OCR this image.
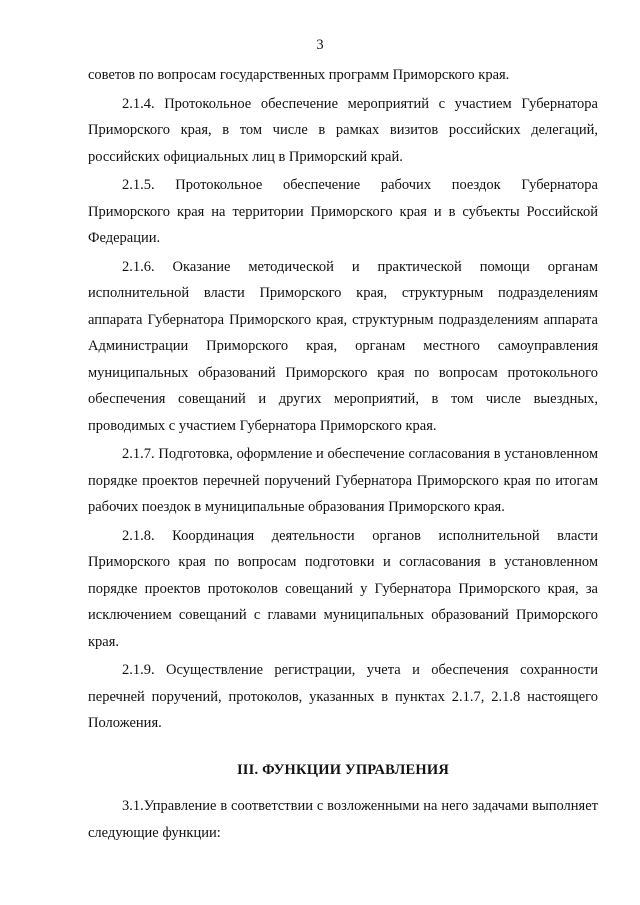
3

советов по вопросам государственных программ Приморского края.

2.1.4. Протокольное обеспечение мероприятий с участием Губернатора Приморского края, в том числе в рамках визитов российских делегаций, российских официальных лиц в Приморский край.

2.1.5. Протокольное обеспечение рабочих поездок Губернатора Приморского края на территории Приморского края и в субъекты Российской Федерации.

2.1.6. Оказание методической и практической помощи органам исполнительной власти Приморского края, структурным подразделениям аппарата Губернатора Приморского края, структурным подразделениям аппарата Администрации Приморского края, органам местного самоуправления муниципальных образований Приморского края по вопросам протокольного обеспечения совещаний и других мероприятий, в том числе выездных, проводимых с участием Губернатора Приморского края.

2.1.7. Подготовка, оформление и обеспечение согласования в установленном порядке проектов перечней поручений Губернатора Приморского края по итогам рабочих поездок в муниципальные образования Приморского края.

2.1.8. Координация деятельности органов исполнительной власти Приморского края по вопросам подготовки и согласования в установленном порядке проектов протоколов совещаний у Губернатора Приморского края, за исключением совещаний с главами муниципальных образований Приморского края.

2.1.9. Осуществление регистрации, учета и обеспечения сохранности перечней поручений, протоколов, указанных в пунктах 2.1.7, 2.1.8 настоящего Положения.

III. ФУНКЦИИ УПРАВЛЕНИЯ

3.1.Управление в соответствии с возложенными на него задачами выполняет следующие функции:
